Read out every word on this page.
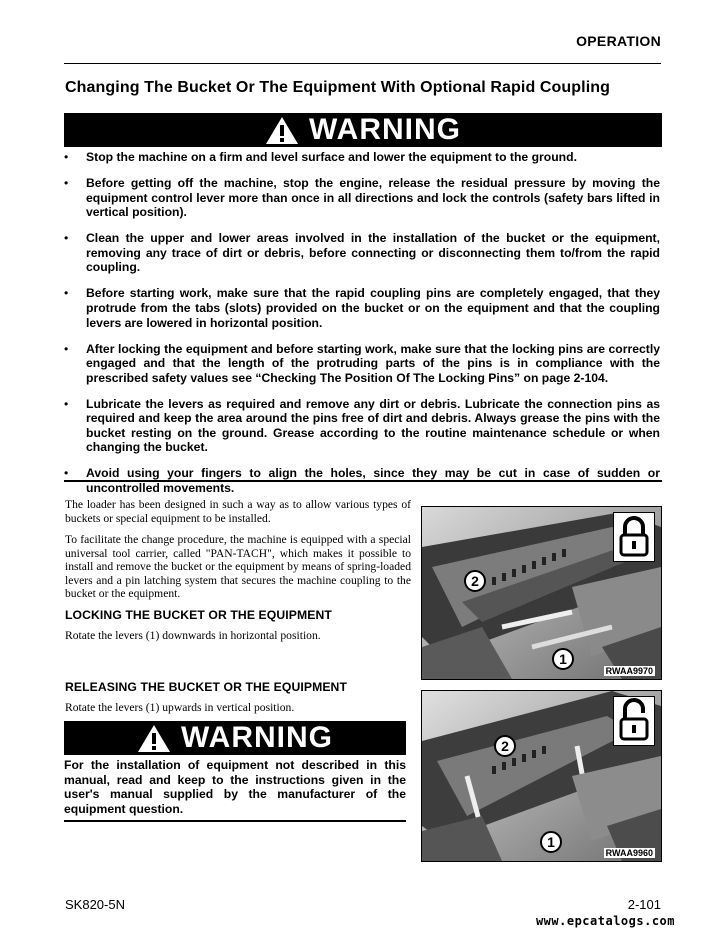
OPERATION
Changing The Bucket Or The Equipment With Optional Rapid Coupling
WARNING
• Stop the machine on a firm and level surface and lower the equipment to the ground.
• Before getting off the machine, stop the engine, release the residual pressure by moving the equipment control lever more than once in all directions and lock the controls (safety bars lifted in vertical position).
• Clean the upper and lower areas involved in the installation of the bucket or the equipment, removing any trace of dirt or debris, before connecting or disconnecting them to/from the rapid coupling.
• Before starting work, make sure that the rapid coupling pins are completely engaged, that they protrude from the tabs (slots) provided on the bucket or on the equipment and that the coupling levers are lowered in horizontal position.
• After locking the equipment and before starting work, make sure that the locking pins are correctly engaged and that the length of the protruding parts of the pins is in compliance with the prescribed safety values see “Checking The Position Of The Locking Pins” on page 2-104.
• Lubricate the levers as required and remove any dirt or debris. Lubricate the connection pins as required and keep the area around the pins free of dirt and debris. Always grease the pins with the bucket resting on the ground. Grease according to the routine maintenance schedule or when changing the bucket.
• Avoid using your fingers to align the holes, since they may be cut in case of sudden or uncontrolled movements.

The loader has been designed in such a way as to allow various types of buckets or special equipment to be installed.

To facilitate the change procedure, the machine is equipped with a special universal tool carrier, called "PAN-TACH", which makes it possible to install and remove the bucket or the equipment by means of spring-loaded levers and a pin latching system that secures the machine coupling to the bucket or the equipment.

LOCKING THE BUCKET OR THE EQUIPMENT

Rotate the levers (1) downwards in horizontal position.

RELEASING THE BUCKET OR THE EQUIPMENT

Rotate the levers (1) upwards in vertical position.

WARNING

For the installation of equipment not described in this manual, read and keep to the instructions given in the user's manual supplied by the manufacturer of the equipment question.

2
1
RWAA9970
2
1
RWAA9960
SK820-5N	2-101
www.epcatalogs.com
